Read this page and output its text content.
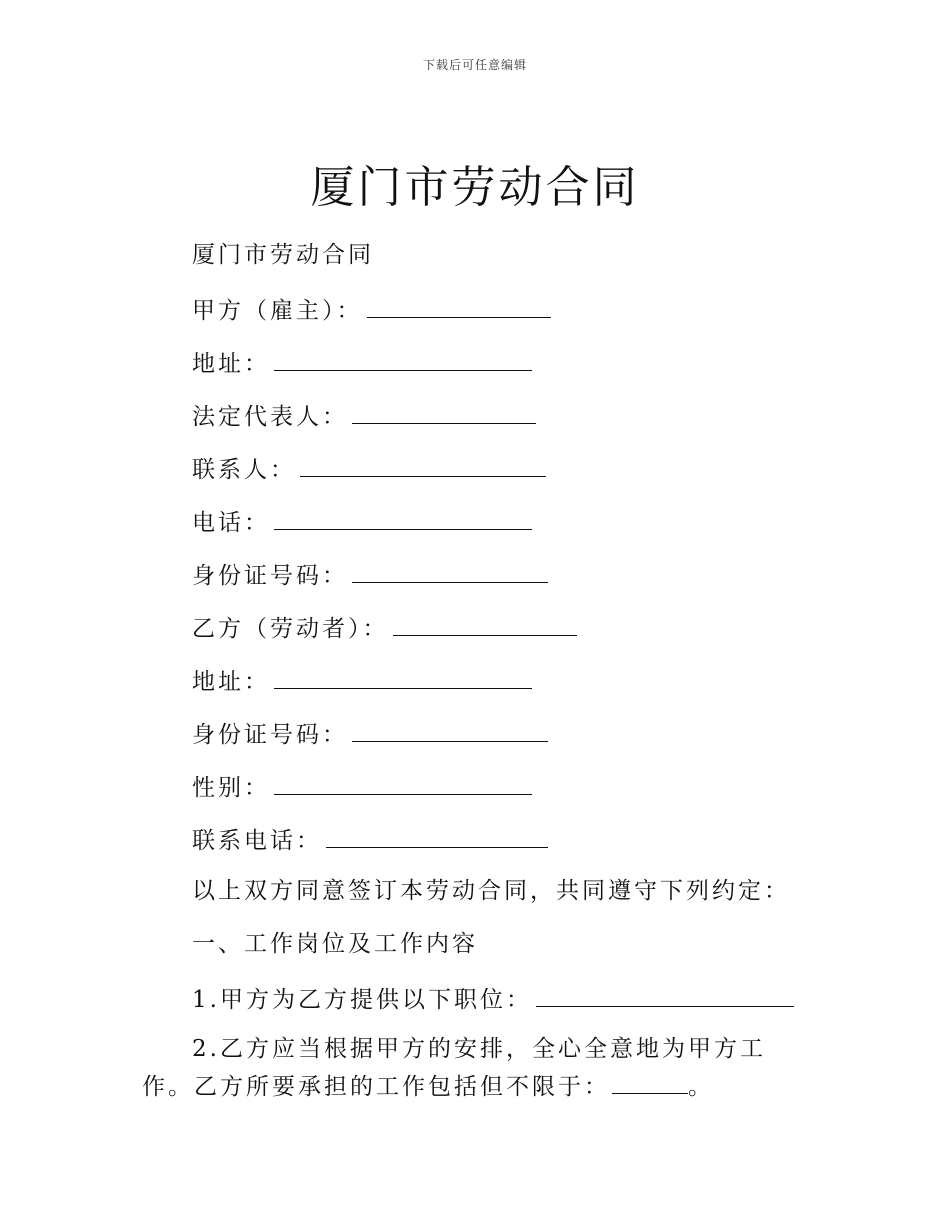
下载后可任意编辑
厦门市劳动合同
厦门市劳动合同
甲方（雇主）：
地址：
法定代表人：
联系人：
电话：
身份证号码：
乙方（劳动者）：
地址：
身份证号码：
性别：
联系电话：
以上双方同意签订本劳动合同，共同遵守下列约定：
一、工作岗位及工作内容
1.甲方为乙方提供以下职位：
2.乙方应当根据甲方的安排，全心全意地为甲方工作。乙方所要承担的工作包括但不限于：	。
